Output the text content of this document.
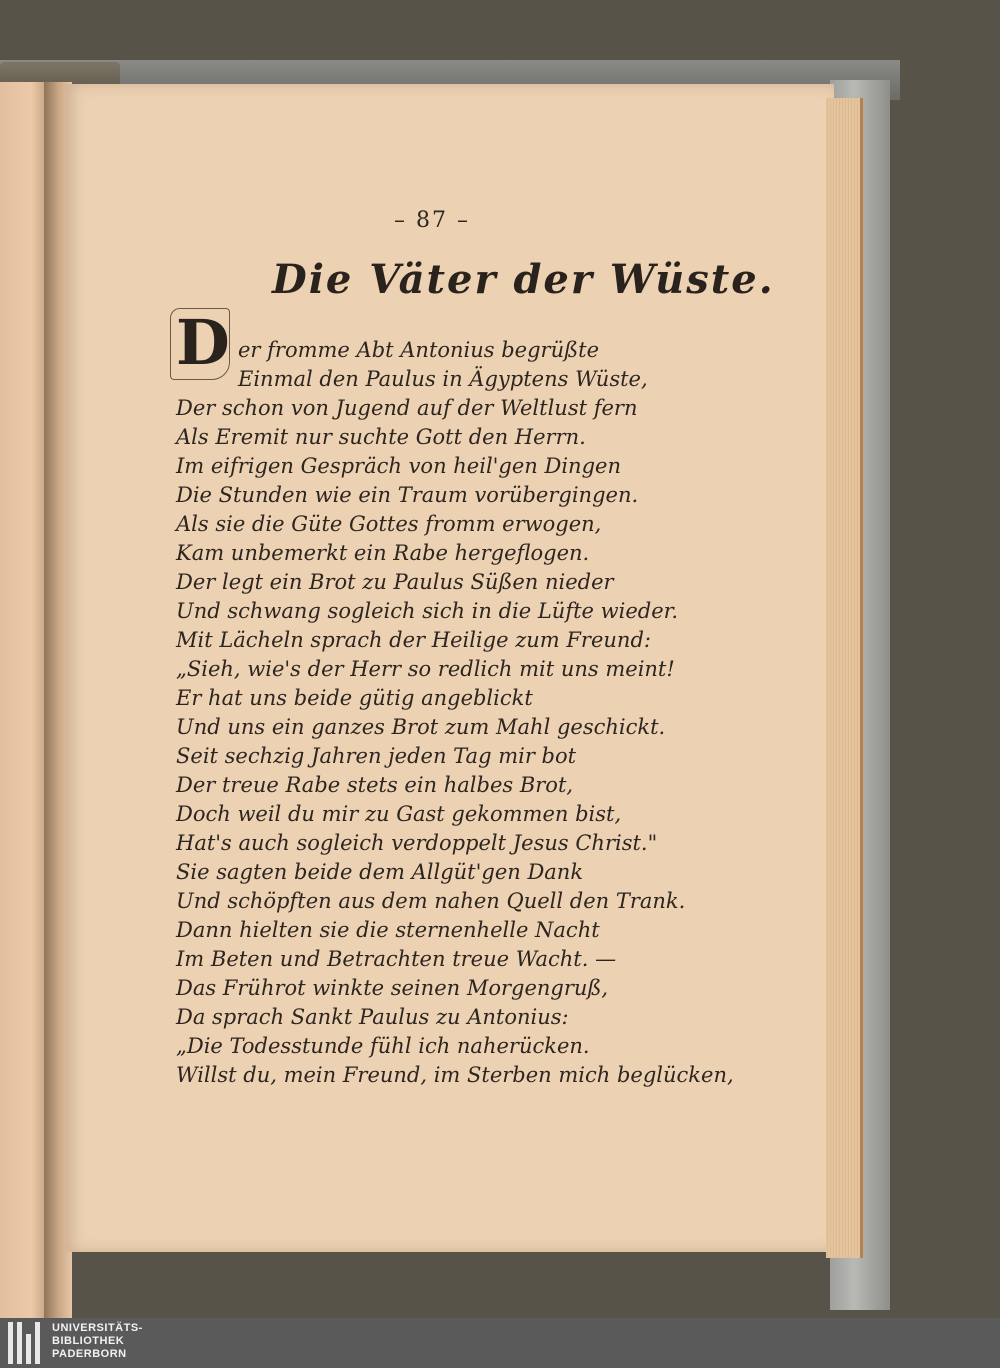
– 87 –
Die Väter der Wüste.
D er fromme Abt Antonius begrüßte
Einmal den Paulus in Ägyptens Wüste,
Der schon von Jugend auf der Weltlust fern
Als Eremit nur suchte Gott den Herrn.
Im eifrigen Gespräch von heil'gen Dingen
Die Stunden wie ein Traum vorübergingen.
Als sie die Güte Gottes fromm erwogen,
Kam unbemerkt ein Rabe hergeflogen.
Der legt ein Brot zu Paulus Süßen nieder
Und schwang sogleich sich in die Lüfte wieder.
Mit Lächeln sprach der Heilige zum Freund:
„Sieh, wie's der Herr so redlich mit uns meint!
Er hat uns beide gütig angeblickt
Und uns ein ganzes Brot zum Mahl geschickt.
Seit sechzig Jahren jeden Tag mir bot
Der treue Rabe stets ein halbes Brot,
Doch weil du mir zu Gast gekommen bist,
Hat's auch sogleich verdoppelt Jesus Christ."
Sie sagten beide dem Allgüt'gen Dank
Und schöpften aus dem nahen Quell den Trank.
Dann hielten sie die sternenhelle Nacht
Im Beten und Betrachten treue Wacht. —
Das Frührot winkte seinen Morgengruß,
Da sprach Sankt Paulus zu Antonius:
„Die Todesstunde fühl ich naherücken.
Willst du, mein Freund, im Sterben mich beglücken,
UNIVERSITÄTS-
BIBLIOTHEK
PADERBORN
